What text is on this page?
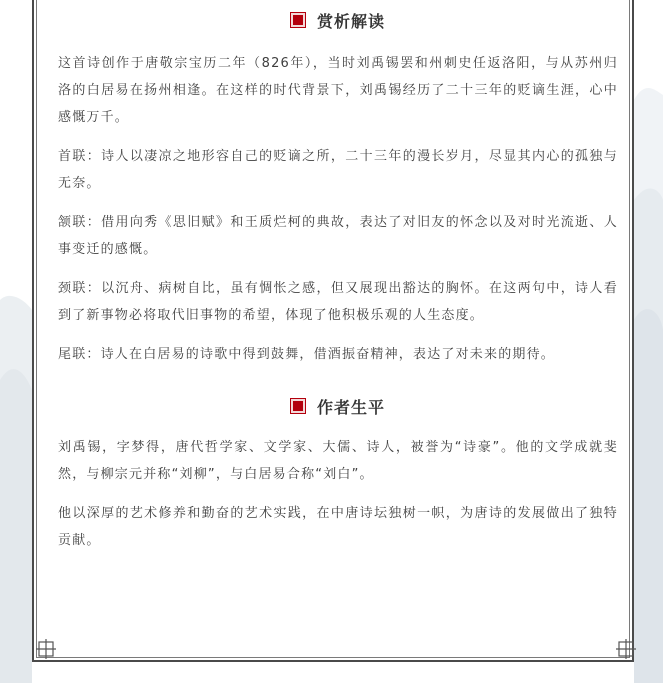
赏析解读

这首诗创作于唐敬宗宝历二年（826年），当时刘禹锡罢和州刺史任返洛阳，与从苏州归洛的白居易在扬州相逢。在这样的时代背景下，刘禹锡经历了二十三年的贬谪生涯，心中感慨万千。

首联：诗人以凄凉之地形容自己的贬谪之所，二十三年的漫长岁月，尽显其内心的孤独与无奈。

颔联：借用向秀《思旧赋》和王质烂柯的典故，表达了对旧友的怀念以及对时光流逝、人事变迁的感慨。

颈联：以沉舟、病树自比，虽有惆怅之感，但又展现出豁达的胸怀。在这两句中，诗人看到了新事物必将取代旧事物的希望，体现了他积极乐观的人生态度。

尾联：诗人在白居易的诗歌中得到鼓舞，借酒振奋精神，表达了对未来的期待。

作者生平

刘禹锡，字梦得，唐代哲学家、文学家、大儒、诗人，被誉为“诗豪”。他的文学成就斐然，与柳宗元并称“刘柳”，与白居易合称“刘白”。

他以深厚的艺术修养和勤奋的艺术实践，在中唐诗坛独树一帜，为唐诗的发展做出了独特贡献。
